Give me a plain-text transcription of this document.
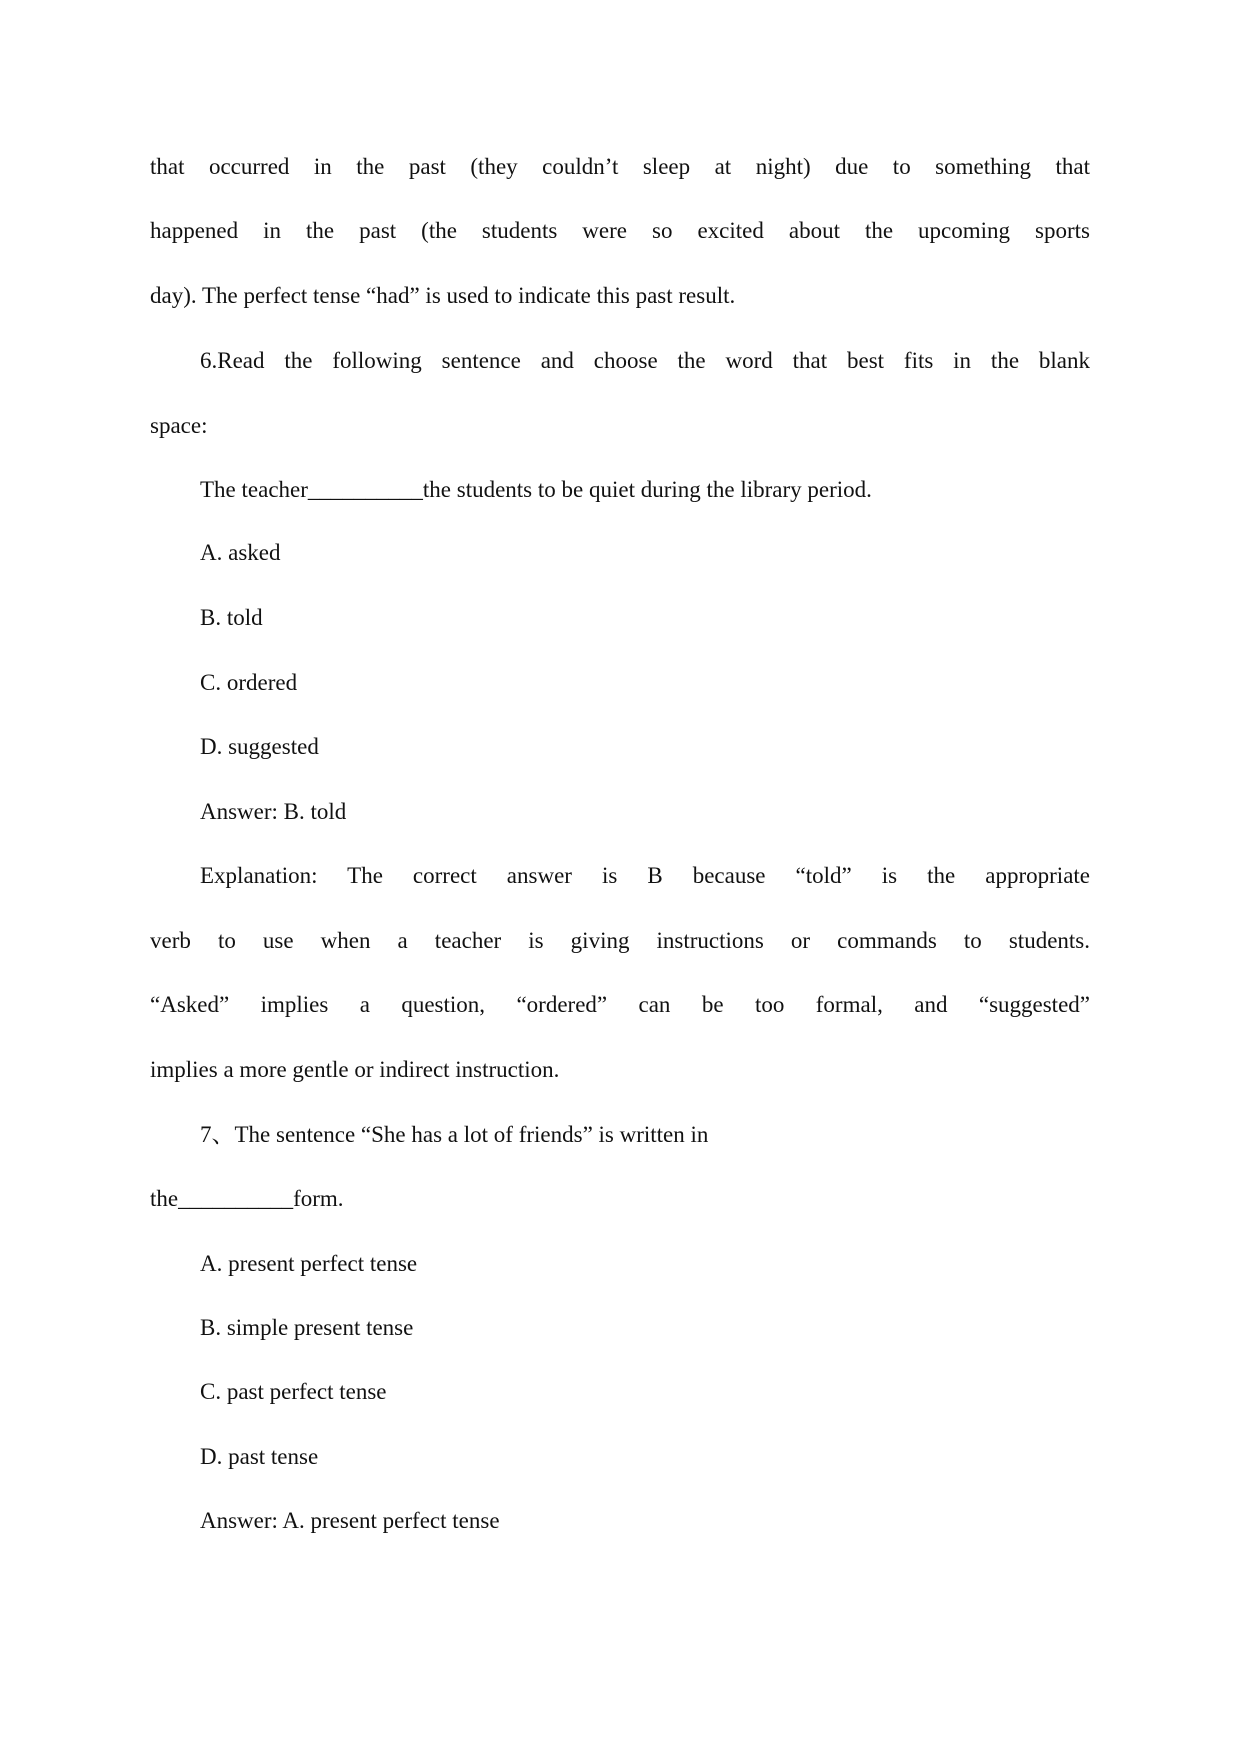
that occurred in the past (they couldn’t sleep at night) due to something that
happened in the past (the students were so excited about the upcoming sports
day). The perfect tense “had” is used to indicate this past result.
6.Read the following sentence and choose the word that best fits in the blank
space:
The teacher__________the students to be quiet during the library period.
A. asked
B. told
C. ordered
D. suggested
Answer: B. told
Explanation: The correct answer is B because “told” is the appropriate
verb to use when a teacher is giving instructions or commands to students.
“Asked” implies a question, “ordered” can be too formal, and “suggested”
implies a more gentle or indirect instruction.
7、The sentence “She has a lot of friends” is written in
the__________form.
A. present perfect tense
B. simple present tense
C. past perfect tense
D. past tense
Answer: A. present perfect tense
